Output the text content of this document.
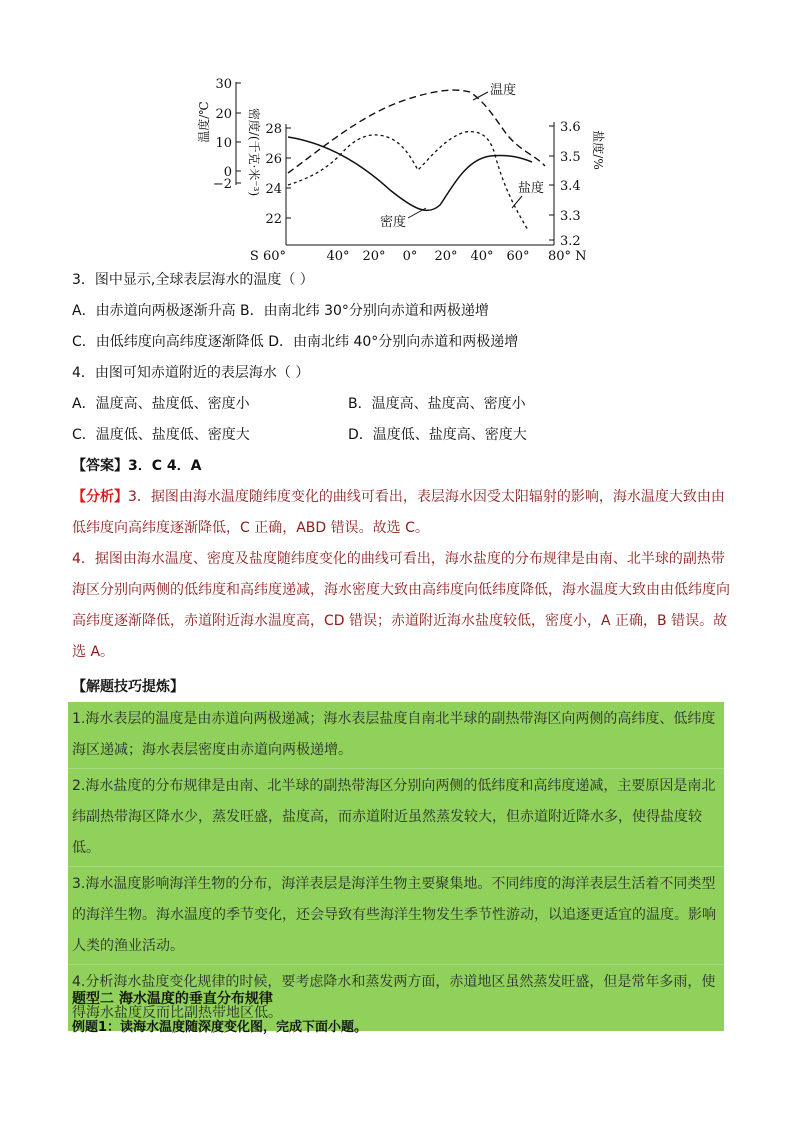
30
20
10
0
−2
温度/℃	28
26
24
22
密度/(千克·米⁻³)	3.6
3.5
3.4
3.3
3.2
盐度/%
S 60°	40° 20° 0° 20° 40° 60° 80° N
温度
密度
盐度
3．图中显示,全球表层海水的温度（ ）
A．由赤道向两极逐渐升高 B．由南北纬 30°分别向赤道和两极递增
C．由低纬度向高纬度逐渐降低 D．由南北纬 40°分别向赤道和两极递增
4．由图可知赤道附近的表层海水（ ）
A．温度高、盐度低、密度小	B．温度高、盐度高、密度小
C．温度低、盐度低、密度大	D．温度低、盐度高、密度大
【答案】3．C 4．A
【分析】3．据图由海水温度随纬度变化的曲线可看出，表层海水因受太阳辐射的影响，海水温度大致由由低纬度向高纬度逐渐降低，C 正确，ABD 错误。故选 C。
4．据图由海水温度、密度及盐度随纬度变化的曲线可看出，海水盐度的分布规律是由南、北半球的副热带海区分别向两侧的低纬度和高纬度递减，海水密度大致由高纬度向低纬度降低，海水温度大致由由低纬度向高纬度逐渐降低，赤道附近海水温度高，CD 错误；赤道附近海水盐度较低，密度小，A 正确，B 错误。故选 A。
【解题技巧提炼】

1.海水表层的温度是由赤道向两极递减；海水表层盐度自南北半球的副热带海区向两侧的高纬度、低纬度海区递减；海水表层密度由赤道向两极递增。

2.海水盐度的分布规律是由南、北半球的副热带海区分别向两侧的低纬度和高纬度递减，主要原因是南北纬副热带海区降水少，蒸发旺盛，盐度高，而赤道附近虽然蒸发较大，但赤道附近降水多，使得盐度较低。

3.海水温度影响海洋生物的分布，海洋表层是海洋生物主要聚集地。不同纬度的海洋表层生活着不同类型的海洋生物。海水温度的季节变化，还会导致有些海洋生物发生季节性游动，以追逐更适宜的温度。影响人类的渔业活动。

4.分析海水盐度变化规律的时候，要考虑降水和蒸发两方面，赤道地区虽然蒸发旺盛，但是常年多雨，使得海水盐度反而比副热带地区低。

题型二 海水温度的垂直分布规律
例题1：读海水温度随深度变化图，完成下面小题。
